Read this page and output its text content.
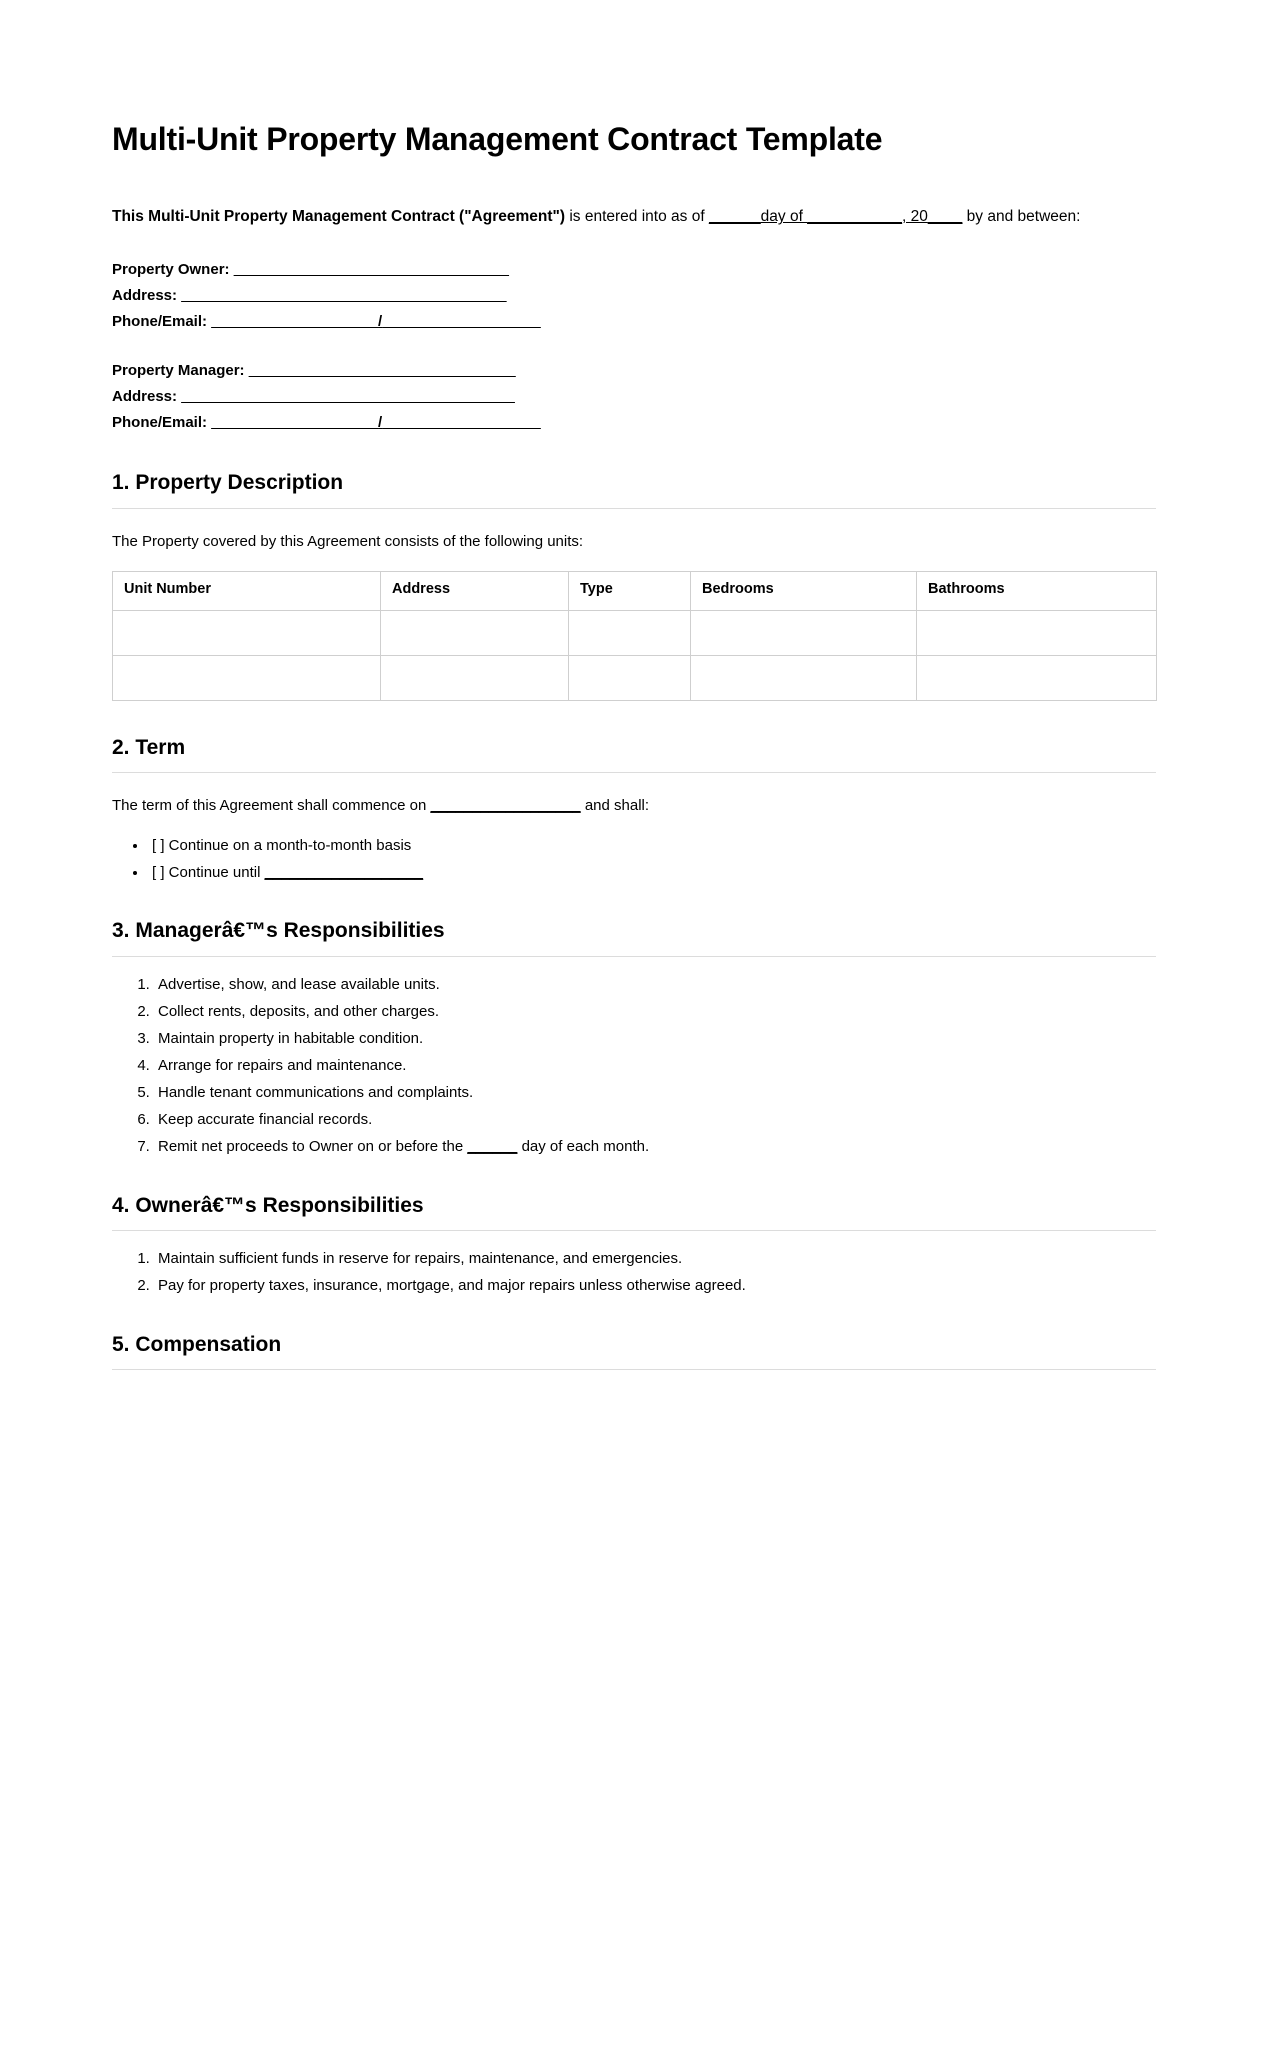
Multi-Unit Property Management Contract Template

This Multi-Unit Property Management Contract ("Agreement") is entered into as of ______day of ___________, 20____ by and between:

Property Owner: _________________________________
Address: _______________________________________
Phone/Email: ____________________/___________________
Property Manager: ________________________________
Address: ________________________________________
Phone/Email: ____________________/___________________
1. Property Description

The Property covered by this Agreement consists of the following units:

Unit Number	Address	Type	Bedrooms	Bathrooms

2. Term

The term of this Agreement shall commence on __________________ and shall:

• [ ] Continue on a month-to-month basis
• [ ] Continue until ___________________
3. Managerâ€™s Responsibilities
1. Advertise, show, and lease available units.
2. Collect rents, deposits, and other charges.
3. Maintain property in habitable condition.
4. Arrange for repairs and maintenance.
5. Handle tenant communications and complaints.
6. Keep accurate financial records.
7. Remit net proceeds to Owner on or before the ______ day of each month.
4. Ownerâ€™s Responsibilities
1. Maintain sufficient funds in reserve for repairs, maintenance, and emergencies.
2. Pay for property taxes, insurance, mortgage, and major repairs unless otherwise agreed.
5. Compensation
